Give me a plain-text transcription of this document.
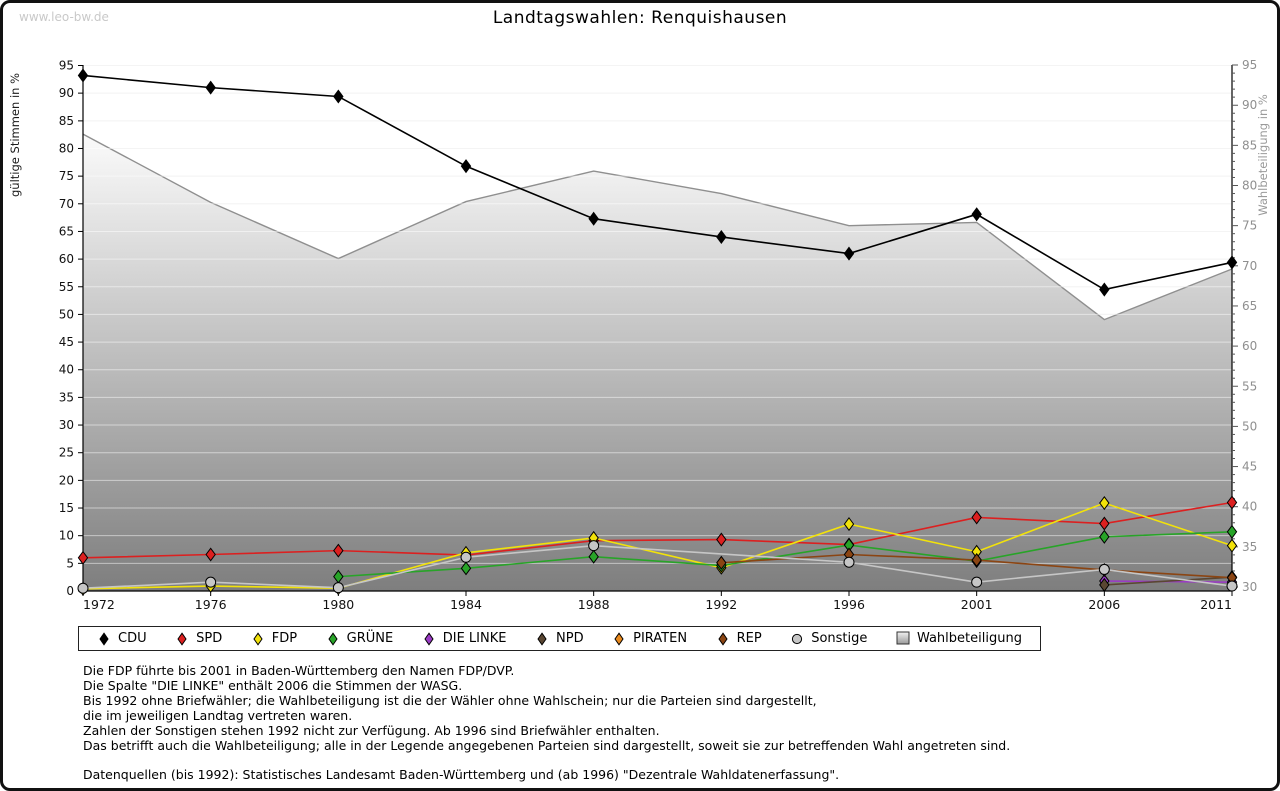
www.leo-bw.de	Landtagswahlen: Renquishausen
0
5
10
15
20
25
30
35
40
45
50
55
60
65
70
75
80
85
90
95
30
35
40
45
50
55
60
65
70
75
80
85
90
95
1972	1976	1980	1984	1988	1992	1996	2001	2006	2011
gültige Stimmen in %	Wahlbeteiligung in %
CDU	SPD	FDP	GRÜNE	DIE LINKE	NPD	PIRATEN	REP	Sonstige	Wahlbeteiligung
Die FDP führte bis 2001 in Baden-Württemberg den Namen FDP/DVP.
Die Spalte "DIE LINKE" enthält 2006 die Stimmen der WASG.
Bis 1992 ohne Briefwähler; die Wahlbeteiligung ist die der Wähler ohne Wahlschein; nur die Parteien sind dargestellt,
die im jeweiligen Landtag vertreten waren.
Zahlen der Sonstigen stehen 1992 nicht zur Verfügung. Ab 1996 sind Briefwähler enthalten.
Das betrifft auch die Wahlbeteiligung; alle in der Legende angegebenen Parteien sind dargestellt, soweit sie zur betreffenden Wahl angetreten sind.
Datenquellen (bis 1992): Statistisches Landesamt Baden-Württemberg und (ab 1996) "Dezentrale Wahldatenerfassung".
